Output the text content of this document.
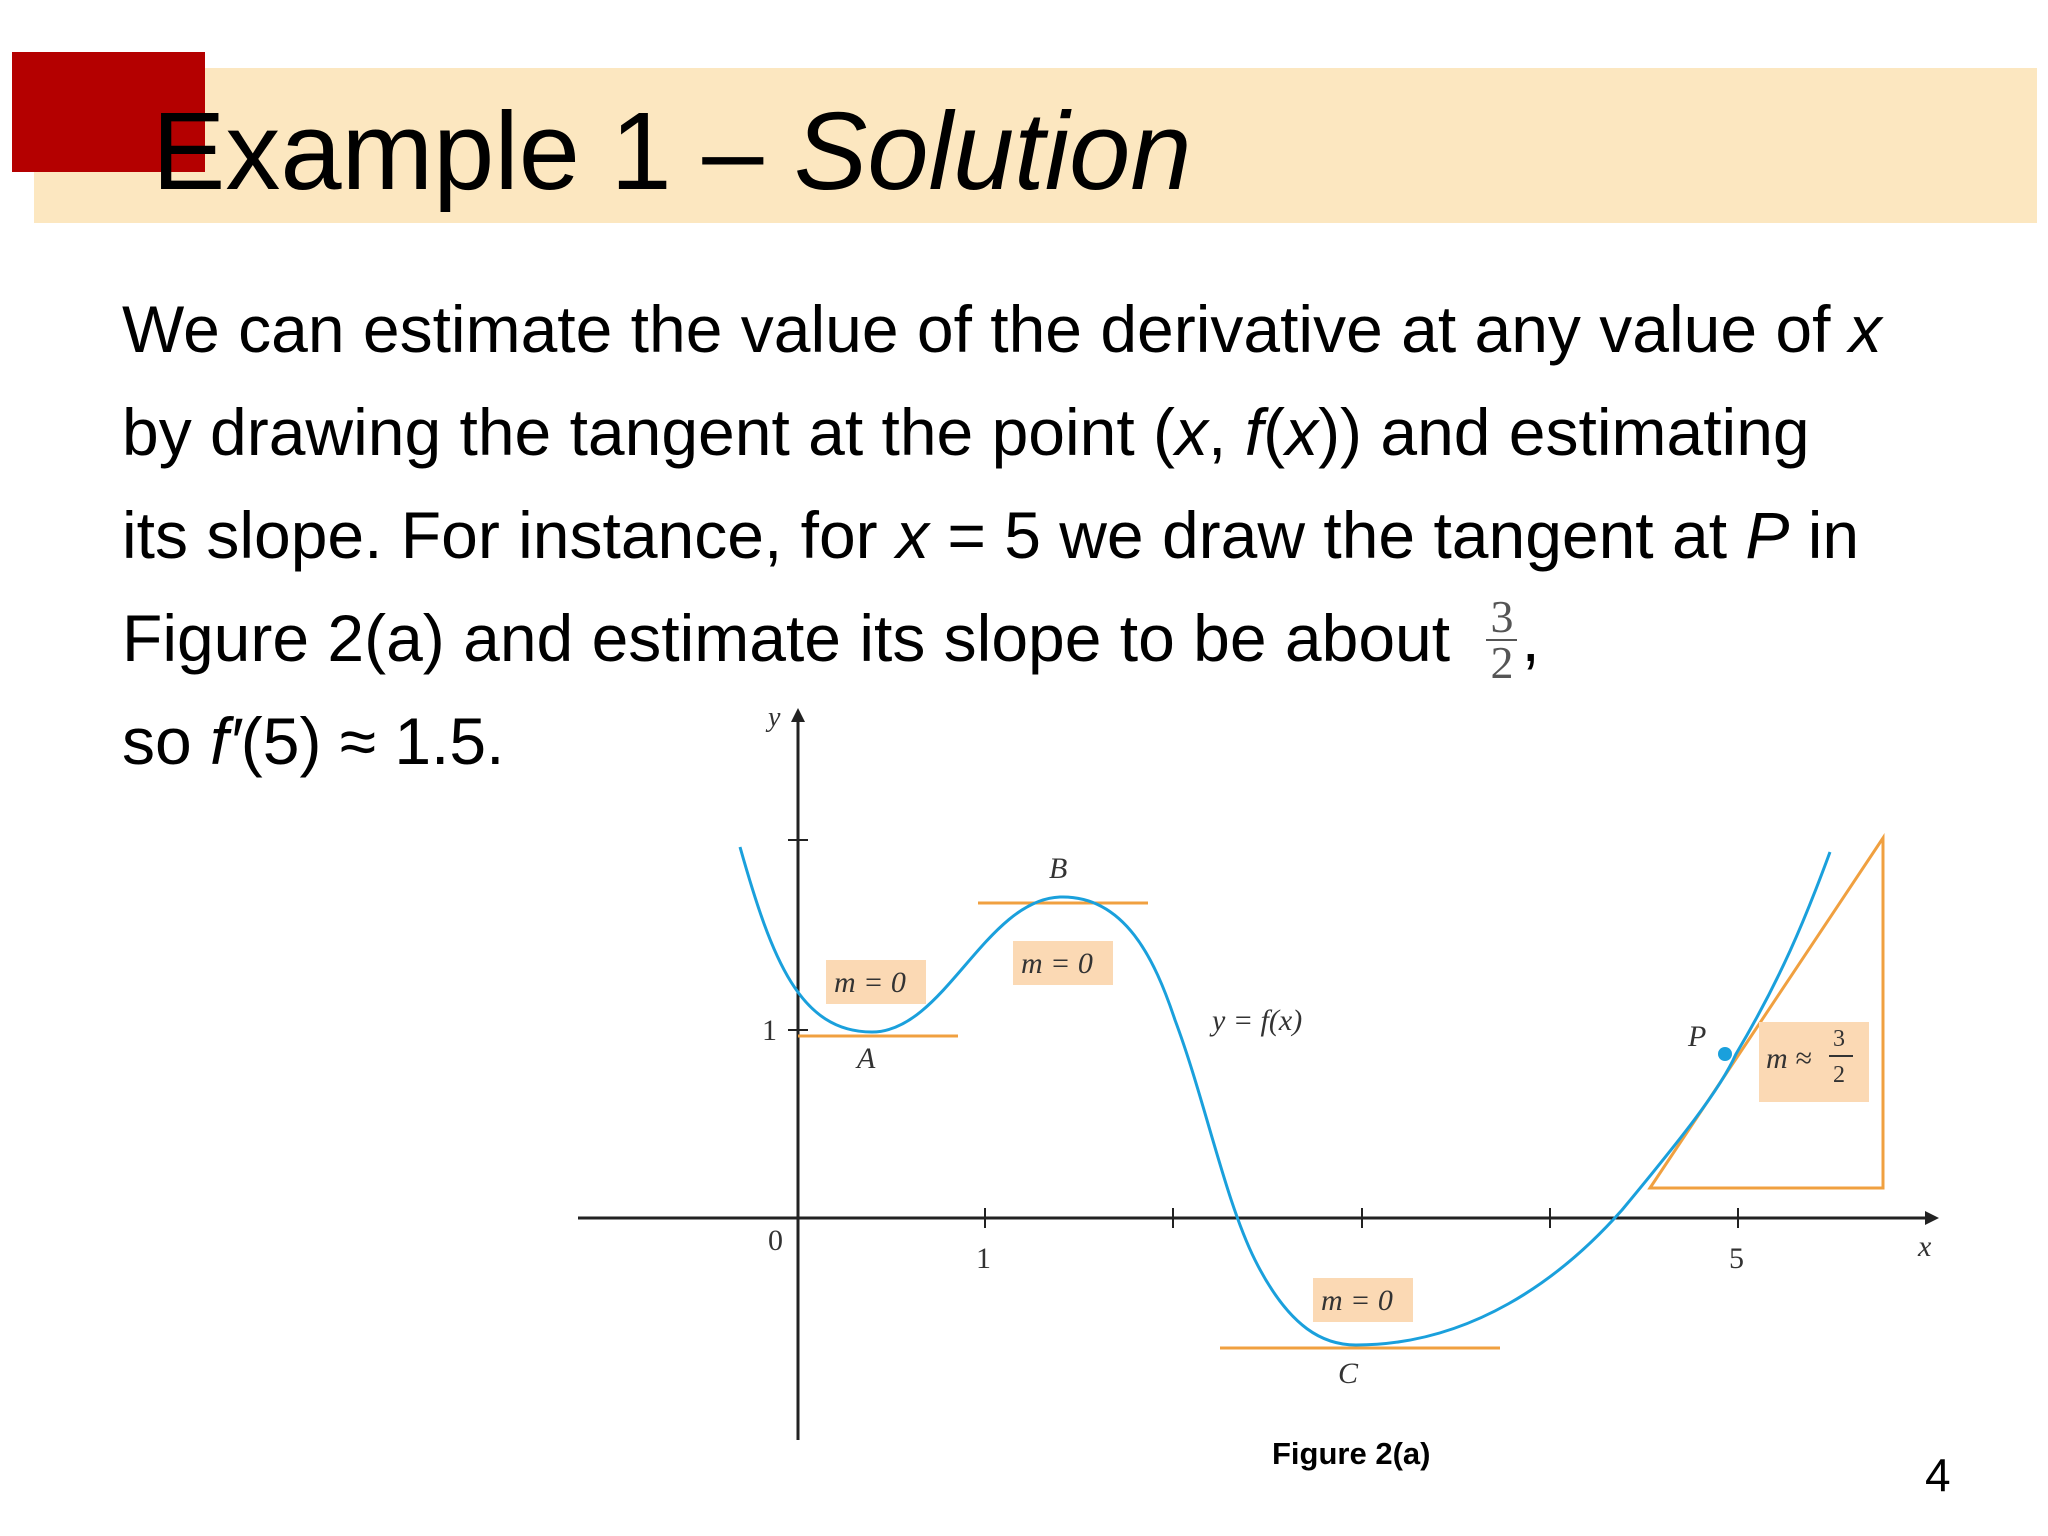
Example 1 – Solution
We can estimate the value of the derivative at any value of x
by drawing the tangent at the point (x, f(x)) and estimating
its slope. For instance, for x = 5 we draw the tangent at P in
Figure 2(a) and estimate its slope to be about $\frac{3}{2}$ ,
so f′(5) ≈ 1.5.	y
x
0
1	5
1
m = 0
m = 0
m = 0
m ≈
3
2
A
B
C
P
y = f(x)
Figure 2(a)	4
